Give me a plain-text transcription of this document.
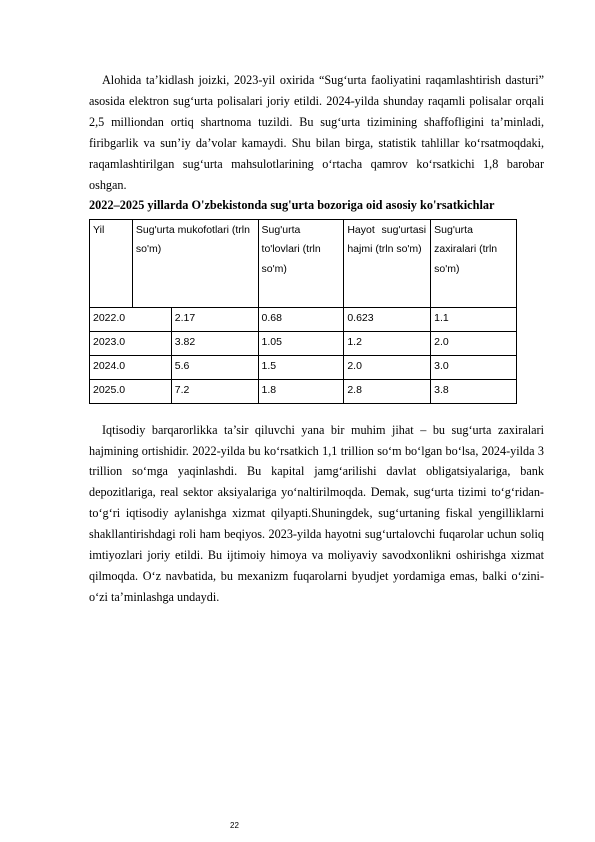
Alohida ta’kidlash joizki, 2023-yil oxirida “Sug‘urta faoliyatini raqamlashtirish dasturi” asosida elektron sug‘urta polisalari joriy etildi. 2024-yilda shunday raqamli polisalar orqali 2,5 milliondan ortiq shartnoma tuzildi. Bu sug‘urta tizimining shaffofligini ta’minladi, firibgarlik va sun’iy da’volar kamaydi. Shu bilan birga, statistik tahlillar ko‘rsatmoqdaki, raqamlashtirilgan sug‘urta mahsulotlarining o‘rtacha qamrov ko‘rsatkichi 1,8 barobar oshgan.

2022–2025 yillarda O'zbekistonda sug'urta bozoriga oid asosiy ko'rsatkichlar

Yil	Sug'urta mukofotlari (trln so'm)		Sug'urta to'lovlari (trln so'm)	Hayot sug'urtasi hajmi (trln so'm)	Sug'urta zaxiralari (trln so'm)
2022.0		2.17	0.68	0.623	1.1
2023.0		3.82	1.05	1.2	2.0
2024.0		5.6	1.5	2.0	3.0
2025.0		7.2	1.8	2.8	3.8

Iqtisodiy barqarorlikka ta’sir qiluvchi yana bir muhim jihat – bu sug‘urta zaxiralari hajmining ortishidir. 2022-yilda bu ko‘rsatkich 1,1 trillion so‘m bo‘lgan bo‘lsa, 2024-yilda 3 trillion so‘mga yaqinlashdi. Bu kapital jamg‘arilishi davlat obligatsiyalariga, bank depozitlariga, real sektor aksiyalariga yo‘naltirilmoqda. Demak, sug‘urta tizimi to‘g‘ridan-to‘g‘ri iqtisodiy aylanishga xizmat qilyapti.Shuningdek, sug‘urtaning fiskal yengilliklarni shakllantirishdagi roli ham beqiyos. 2023-yilda hayotni sug‘urtalovchi fuqarolar uchun soliq imtiyozlari joriy etildi. Bu ijtimoiy himoya va moliyaviy savodxonlikni oshirishga xizmat qilmoqda. O‘z navbatida, bu mexanizm fuqarolarni byudjet yordamiga emas, balki o‘zini-o‘zi ta’minlashga undaydi.

22
